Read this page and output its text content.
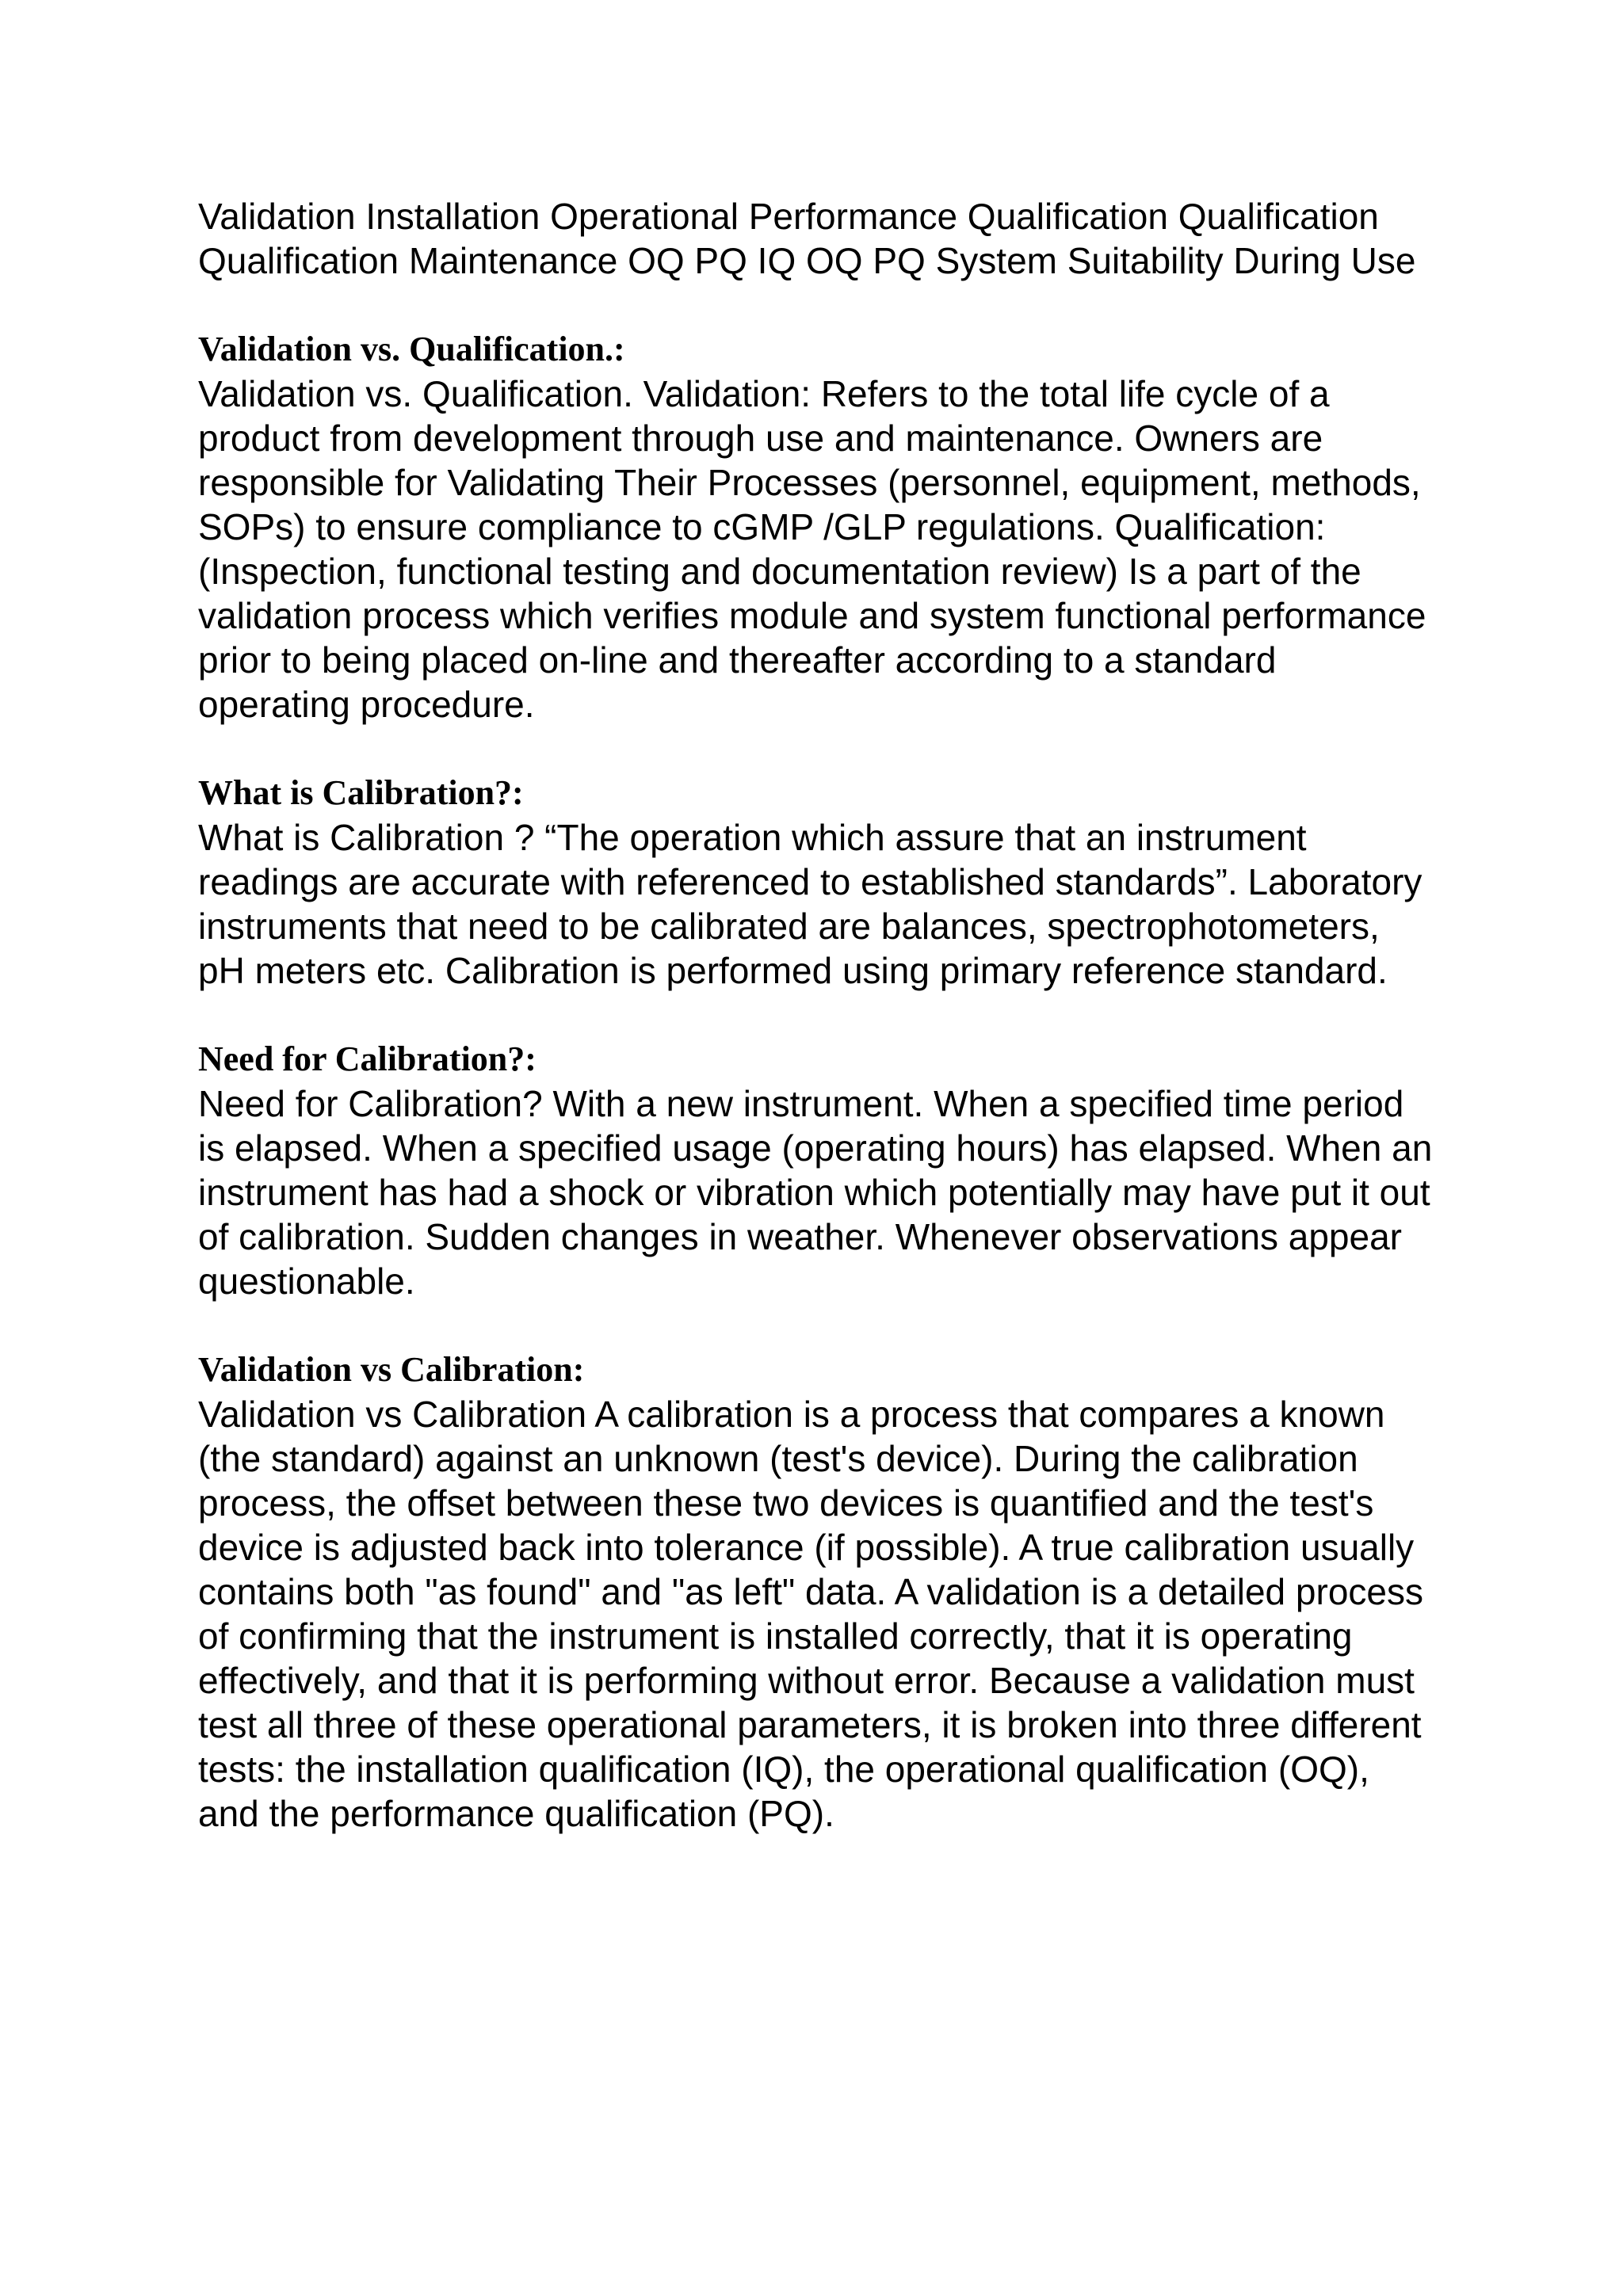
Validation Installation Operational Performance Qualification Qualification Qualification Maintenance OQ PQ IQ OQ PQ System Suitability During Use

Validation vs. Qualification.:

Validation vs. Qualification. Validation: Refers to the total life cycle of a product from development through use and maintenance. Owners are responsible for Validating Their Processes (personnel, equipment, methods, SOPs) to ensure compliance to cGMP /GLP regulations. Qualification: (Inspection, functional testing and documentation review) Is a part of the validation process which verifies module and system functional performance prior to being placed on-line and thereafter according to a standard operating procedure.

What is Calibration?:

What is Calibration ? “The operation which assure that an instrument readings are accurate with referenced to established standards”. Laboratory instruments that need to be calibrated are balances, spectrophotometers, pH meters etc. Calibration is performed using primary reference standard.

Need for Calibration?:

Need for Calibration? With a new instrument. When a specified time period is elapsed. When a specified usage (operating hours) has elapsed. When an instrument has had a shock or vibration which potentially may have put it out of calibration. Sudden changes in weather. Whenever observations appear questionable.

Validation vs Calibration:

Validation vs Calibration A calibration is a process that compares a known (the standard) against an unknown (test's device). During the calibration process, the offset between these two devices is quantified and the test's device is adjusted back into tolerance (if possible). A true calibration usually contains both "as found" and "as left" data. A validation is a detailed process of confirming that the instrument is installed correctly, that it is operating effectively, and that it is performing without error. Because a validation must test all three of these operational parameters, it is broken into three different tests: the installation qualification (IQ), the operational qualification (OQ), and the performance qualification (PQ).
